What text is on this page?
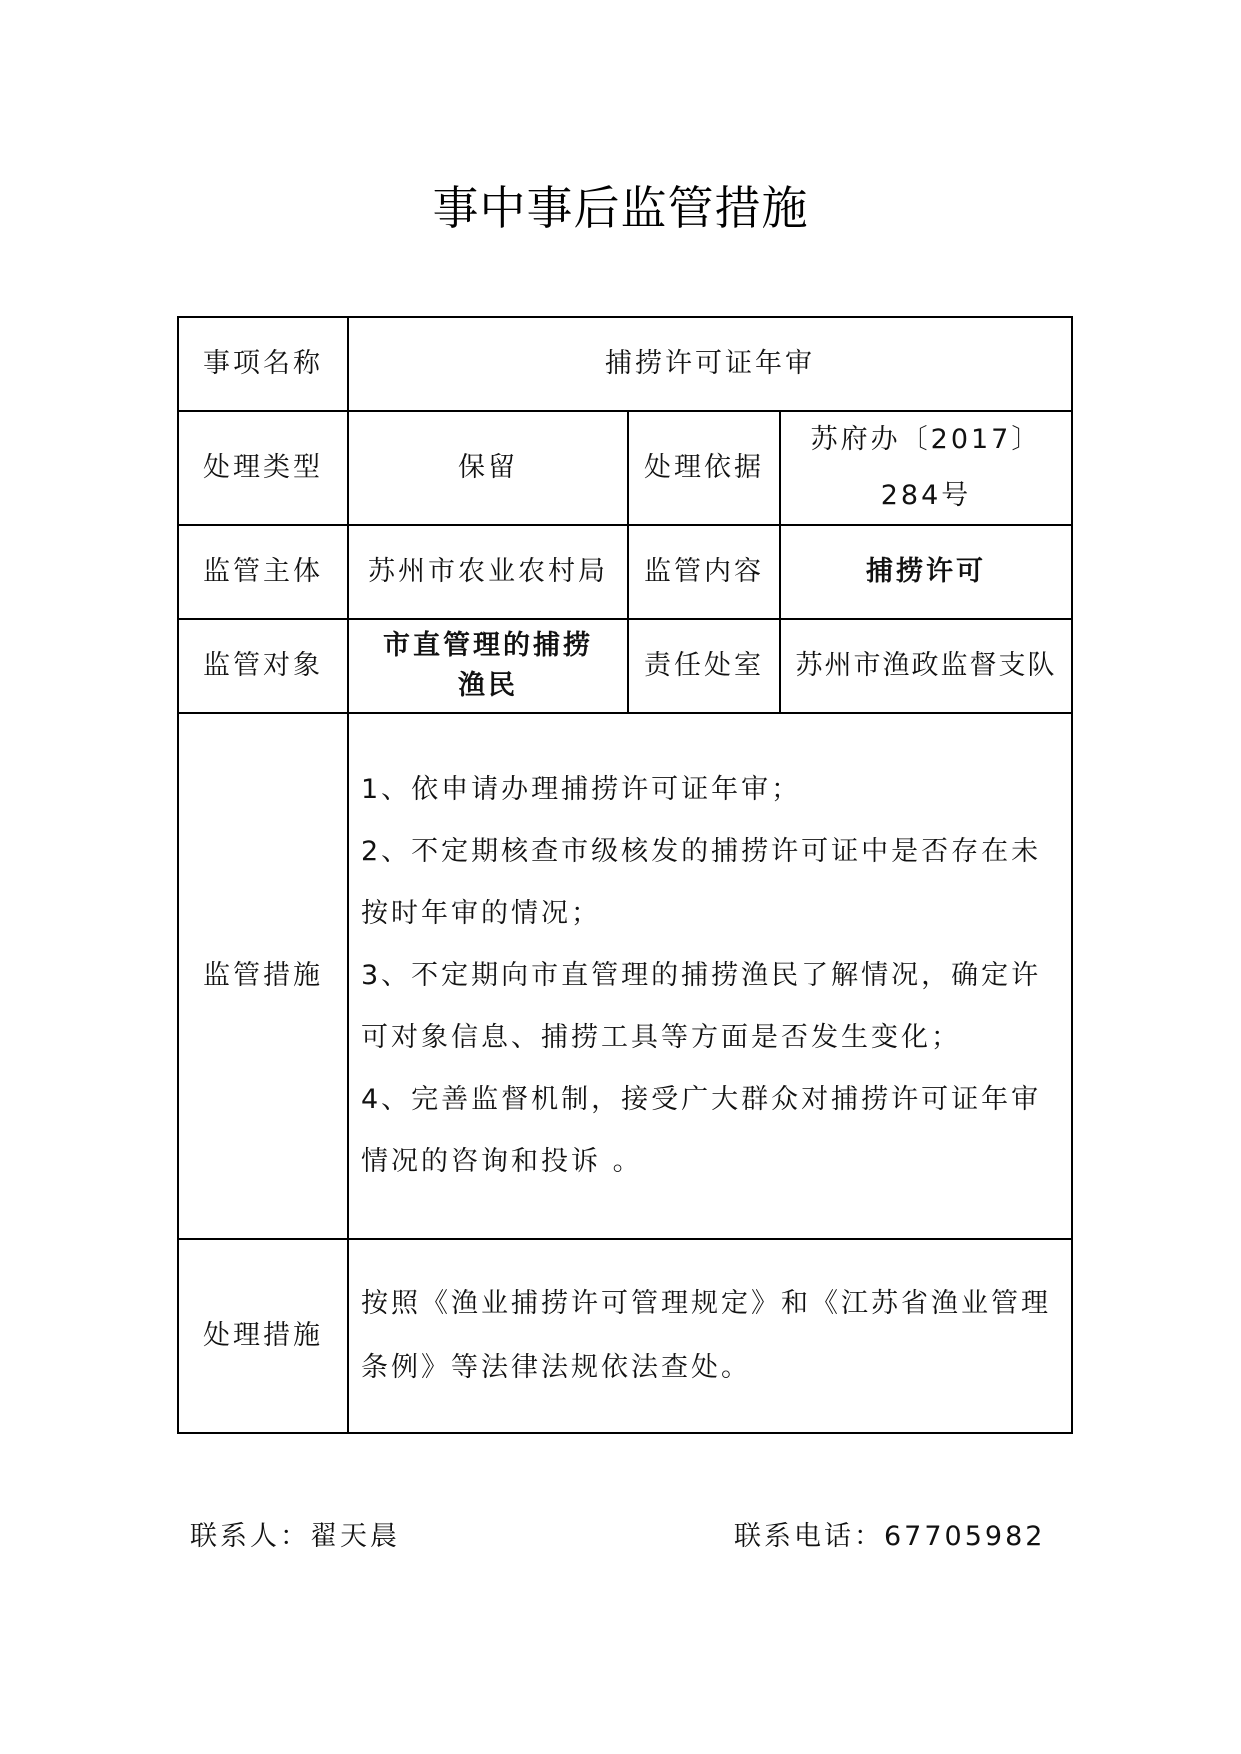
事中事后监管措施
事项名称	捕捞许可证年审		
处理类型	保留	处理依据	苏府办〔2017〕284号
监管主体	苏州市农业农村局	监管内容	捕捞许可
监管对象	市直管理的捕捞渔民	责任处室	苏州市渔政监督支队
监管措施	1、依申请办理捕捞许可证年审；

2、不定期核查市级核发的捕捞许可证中是否存在未按时年审的情况；

3、不定期向市直管理的捕捞渔民了解情况，确定许可对象信息、捕捞工具等方面是否发生变化；

4、完善监督机制，接受广大群众对捕捞许可证年审情况的咨询和投诉 。		

处理措施	按照《渔业捕捞许可管理规定》和《江苏省渔业管理条例》等法律法规依法查处。		
联系人：翟天晨	联系电话：67705982
